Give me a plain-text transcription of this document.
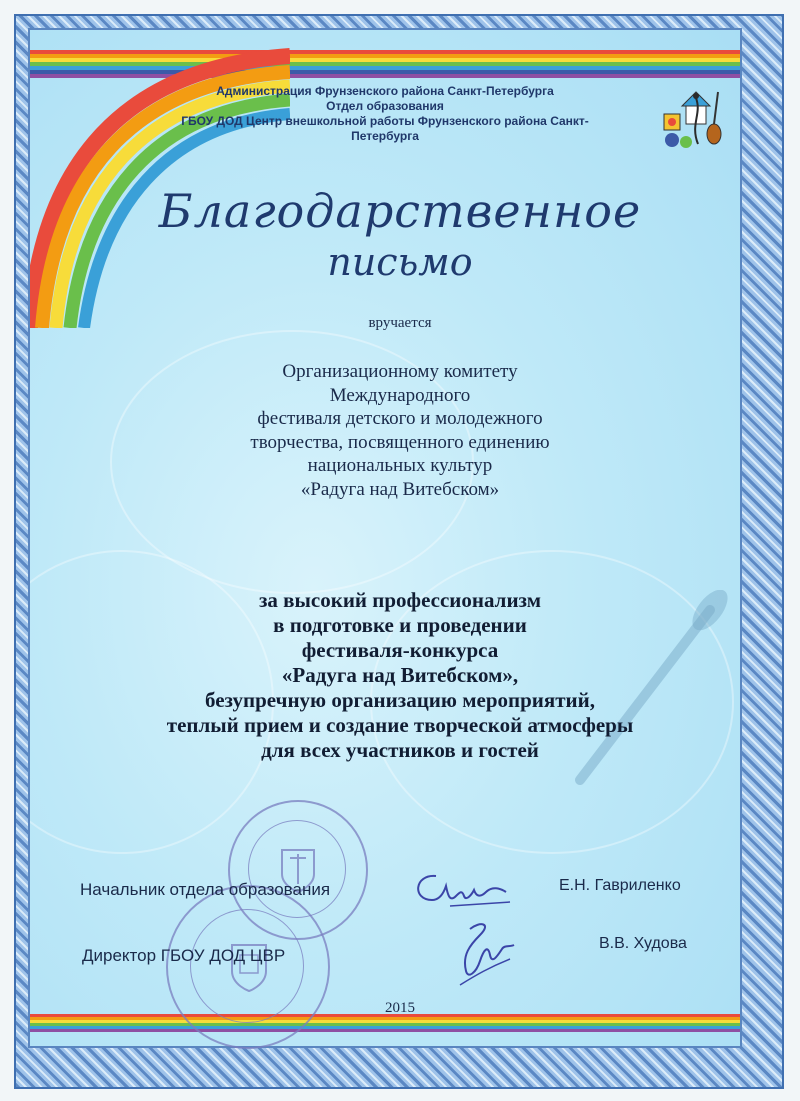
Администрация Фрунзенского района Санкт-Петербурга
Отдел образования
ГБОУ ДОД Центр внешкольной работы Фрунзенского района Санкт-Петербурга
Благодарственное
письмо
вручается
Организационному комитету
Международного
фестиваля детского и молодежного
творчества, посвященного единению
национальных культур
«Радуга над Витебском»
за высокий профессионализм
в подготовке и проведении
фестиваля-конкурса
«Радуга над Витебском»,
безупречную организацию мероприятий,
теплый прием и создание творческой атмосферы
для всех участников и гостей
Начальник отдела образования	Е.Н. Гавриленко
Директор ГБОУ ДОД ЦВР
В.В. Худова
2015
